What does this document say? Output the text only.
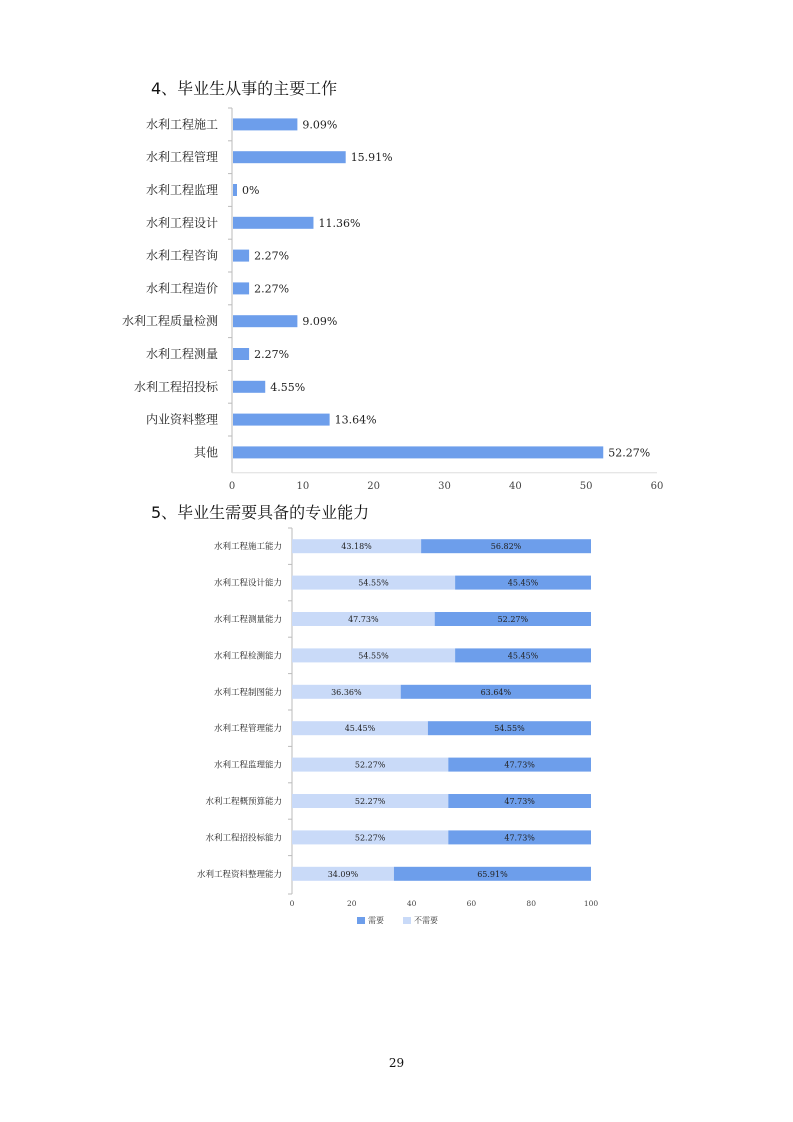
4、毕业生从事的主要工作
水利工程施工	9.09%
水利工程管理	15.91%
水利工程监理 0%
水利工程设计	11.36%
水利工程咨询	2.27%
水利工程造价	2.27%
水利工程质量检测	9.09%
水利工程测量	2.27%
水利工程招投标	4.55%
内业资料整理	13.64%
其他	52.27%
0	10	20	30	40	50	60
5、毕业生需要具备的专业能力
水利工程施工能力	43.18%	56.82%
水利工程设计能力	54.55%	45.45%
水利工程测量能力	47.73%	52.27%
水利工程检测能力	54.55%	45.45%
水利工程制图能力	36.36%	63.64%
水利工程管理能力	45.45%	54.55%
水利工程监理能力	52.27%	47.73%
水利工程概预算能力	52.27%	47.73%
水利工程招投标能力	52.27%	47.73%
水利工程资料整理能力	34.09%	65.91%
0	20	40	60	80	100
需要	不需要
29
